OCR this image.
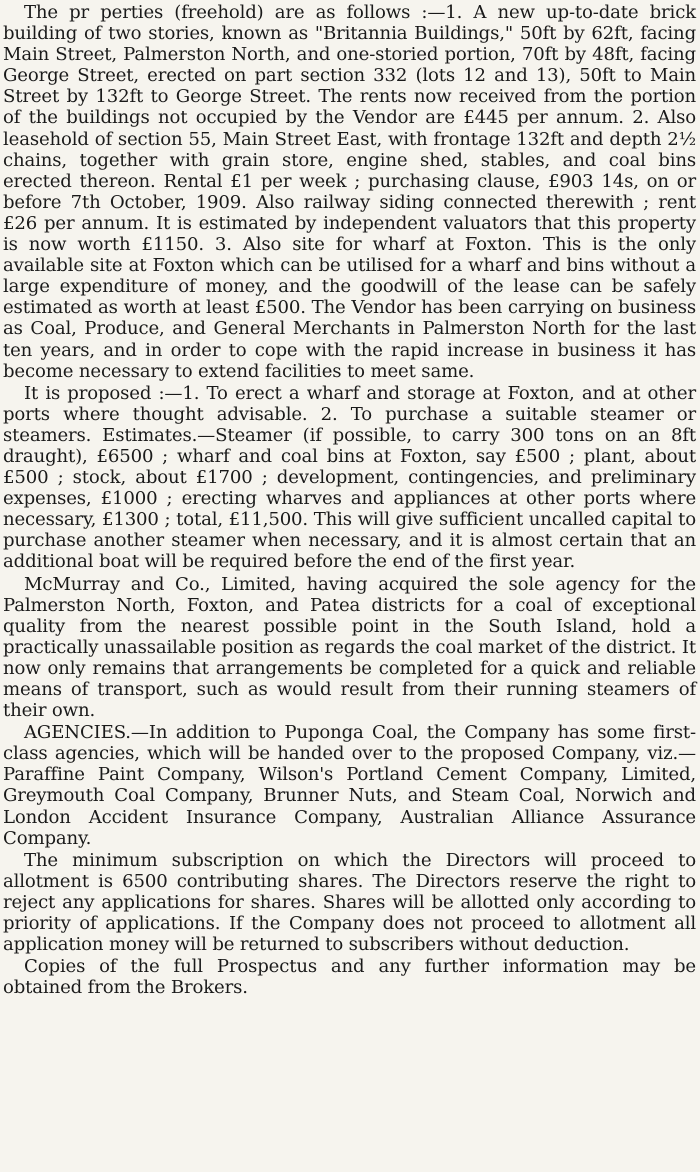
The pr perties (freehold) are as follows :—1. A new up-to-date brick building of two stories, known as "Britannia Buildings," 50ft by 62ft, facing Main Street, Palmerston North, and one-storied portion, 70ft by 48ft, facing George Street, erected on part section 332 (lots 12 and 13), 50ft to Main Street by 132ft to George Street. The rents now received from the portion of the buildings not occupied by the Vendor are £445 per annum. 2. Also leasehold of section 55, Main Street East, with frontage 132ft and depth 2½ chains, together with grain store, engine shed, stables, and coal bins erected thereon. Rental £1 per week ; purchasing clause, £903 14s, on or before 7th October, 1909. Also railway siding connected therewith ; rent £26 per annum. It is estimated by independent valuators that this property is now worth £1150. 3. Also site for wharf at Foxton. This is the only available site at Foxton which can be utilised for a wharf and bins without a large expenditure of money, and the goodwill of the lease can be safely estimated as worth at least £500. The Vendor has been carrying on business as Coal, Produce, and General Merchants in Palmerston North for the last ten years, and in order to cope with the rapid increase in business it has become necessary to extend facilities to meet same.

It is proposed :—1. To erect a wharf and storage at Foxton, and at other ports where thought advisable. 2. To purchase a suitable steamer or steamers. Estimates.—Steamer (if possible, to carry 300 tons on an 8ft draught), £6500 ; wharf and coal bins at Foxton, say £500 ; plant, about £500 ; stock, about £1700 ; development, contingencies, and preliminary expenses, £1000 ; erecting wharves and appliances at other ports where necessary, £1300 ; total, £11,500. This will give sufficient uncalled capital to purchase another steamer when necessary, and it is almost certain that an additional boat will be required before the end of the first year.

McMurray and Co., Limited, having acquired the sole agency for the Palmerston North, Foxton, and Patea districts for a coal of exceptional quality from the nearest possible point in the South Island, hold a practically unassailable position as regards the coal market of the district. It now only remains that arrangements be completed for a quick and reliable means of transport, such as would result from their running steamers of their own.

AGENCIES.—In addition to Puponga Coal, the Company has some first-class agencies, which will be handed over to the proposed Company, viz.—Paraffine Paint Company, Wilson's Portland Cement Company, Limited, Greymouth Coal Company, Brunner Nuts, and Steam Coal, Norwich and London Accident Insurance Company, Australian Alliance Assurance Company.

The minimum subscription on which the Directors will proceed to allotment is 6500 contributing shares. The Directors reserve the right to reject any applications for shares. Shares will be allotted only according to priority of applications. If the Company does not proceed to allotment all application money will be returned to subscribers without deduction.

Copies of the full Prospectus and any further information may be obtained from the Brokers.
